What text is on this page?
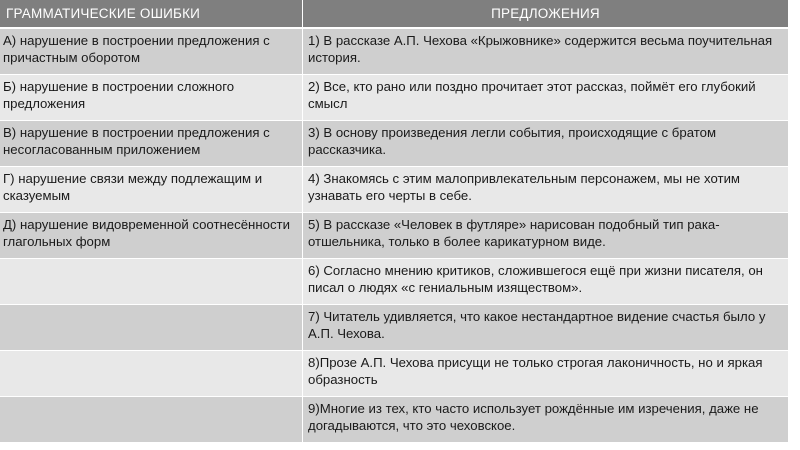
ГРАММАТИЧЕСКИЕ ОШИБКИ	ПРЕДЛОЖЕНИЯ
А) нарушение в построении предложения с причастным оборотом	1) В рассказе А.П. Чехова «Крыжовнике» содержится весьма поучительная история.
Б) нарушение в построении сложного предложения	2) Все, кто рано или поздно прочитает этот рассказ, поймёт его глубокий смысл
В) нарушение в построении предложения с несогласованным приложением	3) В основу произведения легли события, происходящие с братом рассказчика.
Г) нарушение связи между подлежащим и сказуемым	4) Знакомясь с этим малопривлекательным персонажем, мы не хотим узнавать его черты в себе.
Д) нарушение видовременной соотнесённости глагольных форм	5) В рассказе «Человек в футляре» нарисован подобный тип рака-отшельника, только в более карикатурном виде.
	6) Согласно мнению критиков, сложившегося ещё при жизни писателя, он писал о людях «с гениальным изяществом».
	7) Читатель удивляется, что какое нестандартное видение счастья было у А.П. Чехова.
	8)Прозе А.П. Чехова присущи не только строгая лаконичность, но и яркая образность
	9)Многие из тех, кто часто использует рождённые им изречения, даже не догадываются, что это чеховское.
